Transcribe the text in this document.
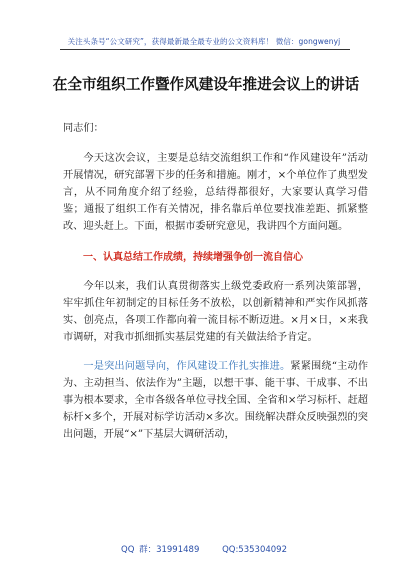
关注头条号“公文研究”，获得最新最全最专业的公文资料库！ 微信：gongwenyj
在全市组织工作暨作风建设年推进会议上的讲话

同志们：

今天这次会议，主要是总结交流组织工作和“作风建设年”活动开展情况，研究部署下步的任务和措施。刚才，×个单位作了典型发言，从不同角度介绍了经验，总结得都很好，大家要认真学习借鉴；通报了组织工作有关情况，排名靠后单位要找准差距、抓紧整改、迎头赶上。下面，根据市委研究意见，我讲四个方面问题。

一、认真总结工作成绩，持续增强争创一流自信心

今年以来，我们认真贯彻落实上级党委政府一系列决策部署，牢牢抓住年初制定的目标任务不放松，以创新精神和严实作风抓落实、创亮点，各项工作都向着一流目标不断迈进。×月×日，×来我市调研，对我市抓细抓实基层党建的有关做法给予肯定。

一是突出问题导向，作风建设工作扎实推进。紧紧围绕“主动作为、主动担当、依法作为”主题，以想干事、能干事、干成事、不出事为根本要求，全市各级各单位寻找全国、全省和×学习标杆、赶超标杆×多个，开展对标学访活动×多次。围绕解决群众反映强烈的突出问题，开展“×”下基层大调研活动，

QQ 群：31991489	QQ:535304092
